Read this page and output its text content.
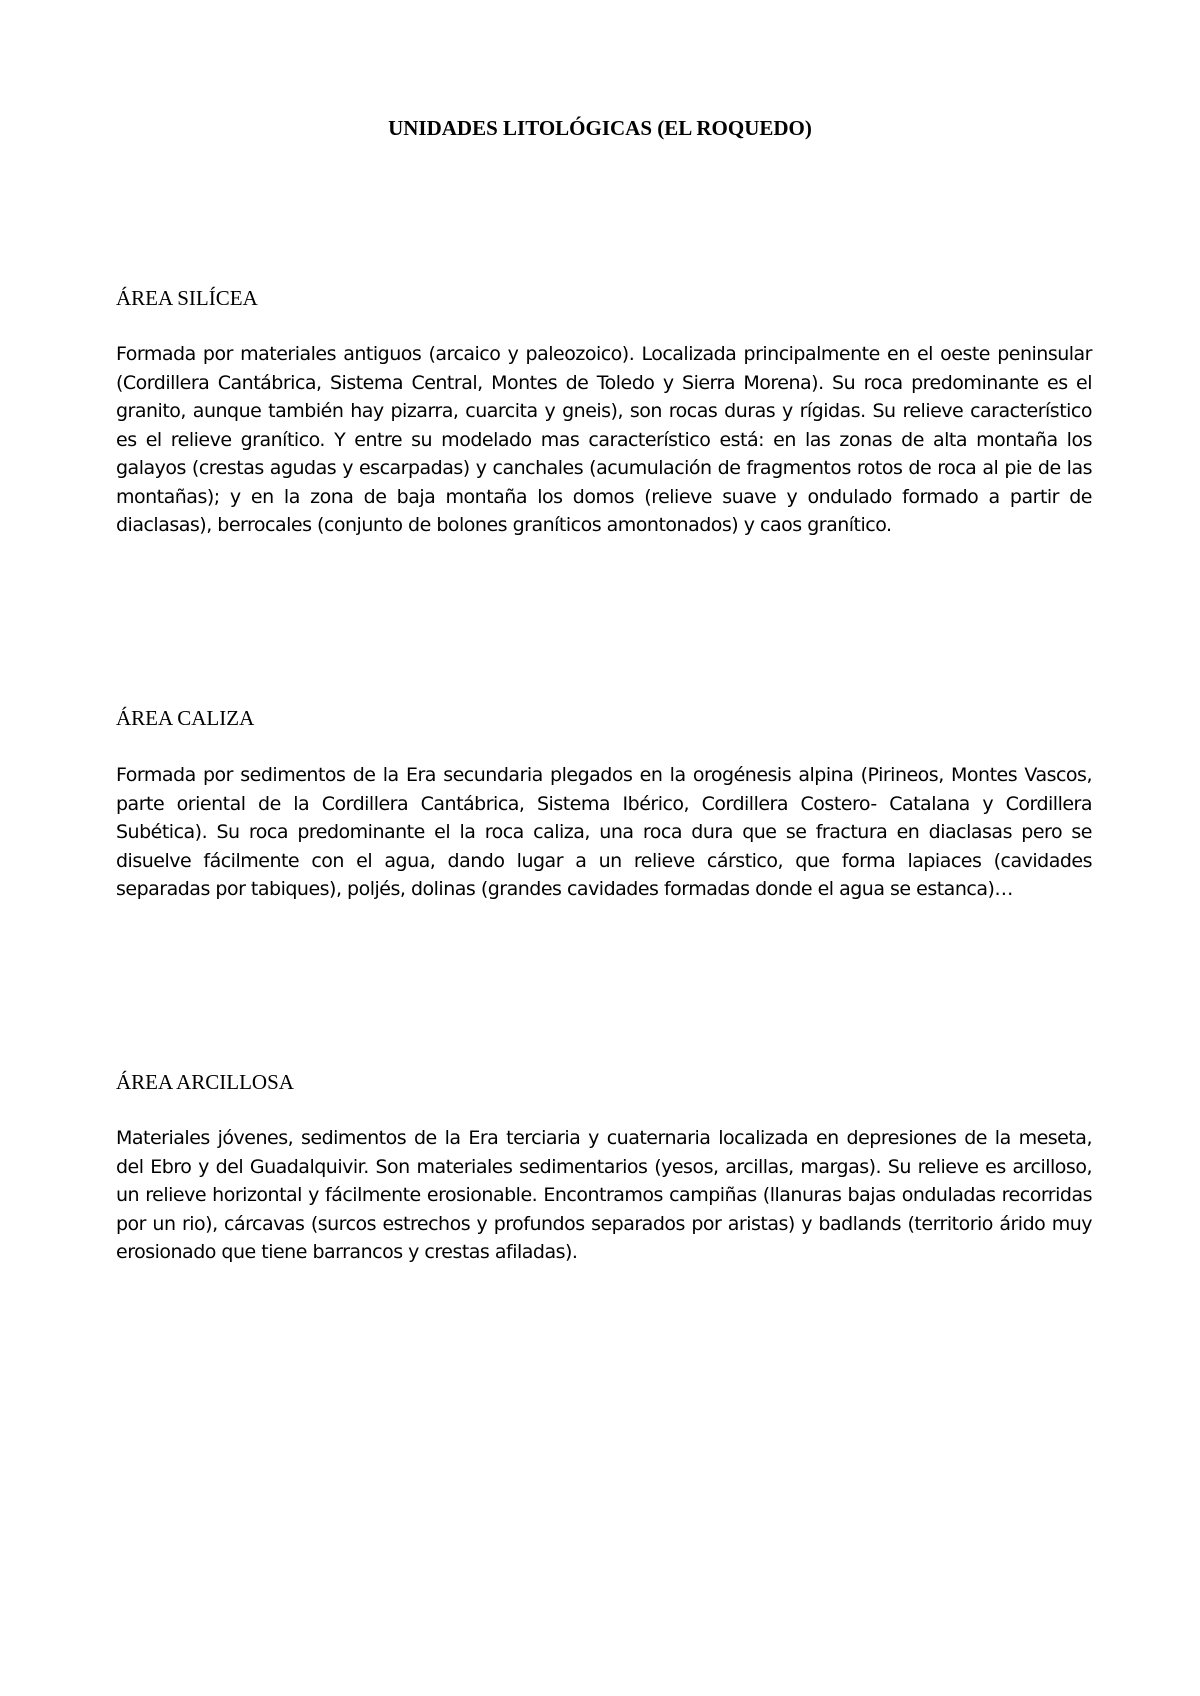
UNIDADES LITOLÓGICAS (EL ROQUEDO)
ÁREA SILÍCEA

Formada por materiales antiguos (arcaico y paleozoico). Localizada principalmente en el oeste peninsular (Cordillera Cantábrica, Sistema Central, Montes de Toledo y Sierra Morena). Su roca predominante es el granito, aunque también hay pizarra, cuarcita y gneis), son rocas duras y rígidas. Su relieve característico es el relieve granítico. Y entre su modelado mas característico está: en las zonas de alta montaña los galayos (crestas agudas y escarpadas) y canchales (acumulación de fragmentos rotos de roca al pie de las montañas); y en la zona de baja montaña los domos (relieve suave y ondulado formado a partir de diaclasas), berrocales (conjunto de bolones graníticos amontonados) y caos granítico.

ÁREA CALIZA

Formada por sedimentos de la Era secundaria plegados en la orogénesis alpina (Pirineos, Montes Vascos, parte oriental de la Cordillera Cantábrica, Sistema Ibérico, Cordillera Costero- Catalana y Cordillera Subética). Su roca predominante el la roca caliza, una roca dura que se fractura en diaclasas pero se disuelve fácilmente con el agua, dando lugar a un relieve cárstico, que forma lapiaces (cavidades separadas por tabiques), poljés, dolinas (grandes cavidades formadas donde el agua se estanca)…

ÁREA ARCILLOSA

Materiales jóvenes, sedimentos de la Era terciaria y cuaternaria localizada en depresiones de la meseta, del Ebro y del Guadalquivir. Son materiales sedimentarios (yesos, arcillas, margas). Su relieve es arcilloso, un relieve horizontal y fácilmente erosionable. Encontramos campiñas (llanuras bajas onduladas recorridas por un rio), cárcavas (surcos estrechos y profundos separados por aristas) y badlands (territorio árido muy erosionado que tiene barrancos y crestas afiladas).
